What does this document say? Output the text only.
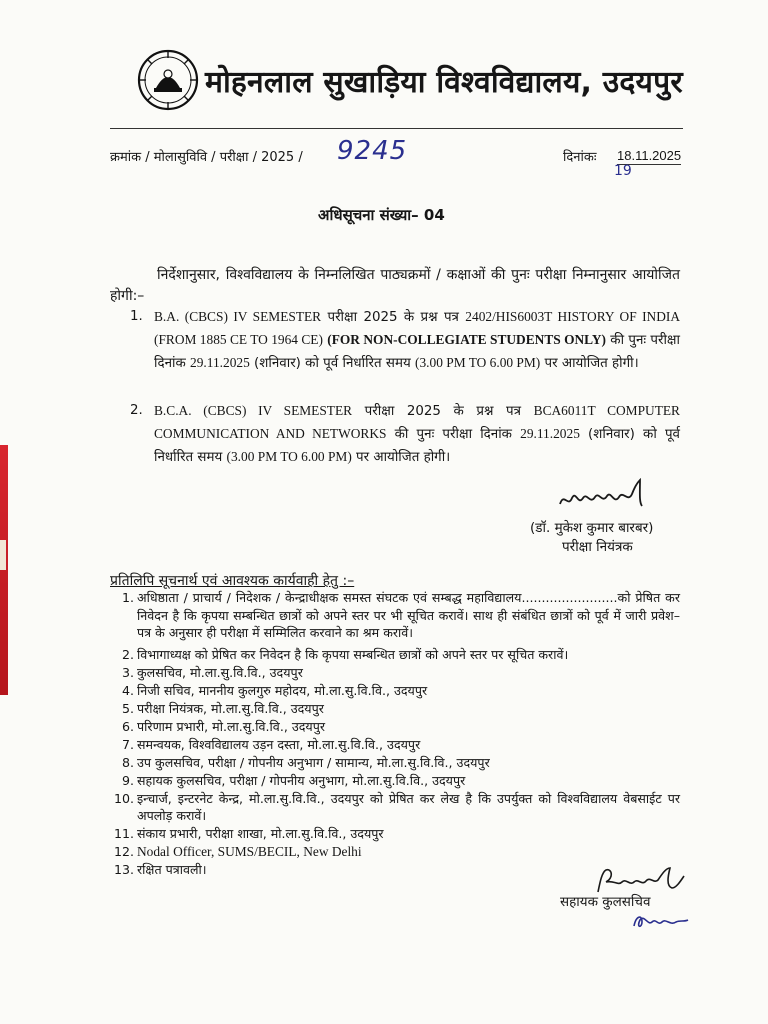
मोहनलाल सुखाड़िया विश्वविद्यालय, उदयपुर
क्रमांक / मोलासुविवि / परीक्षा / 2025 / 9245	दिनांकः 18.11.2025
19
अधिसूचना संख्या– 04
निर्देशानुसार, विश्वविद्यालय के निम्नलिखित पाठ्यक्रमों / कक्षाओं की पुनः परीक्षा निम्नानुसार आयोजित होगी:–
1. B.A. (CBCS) IV SEMESTER परीक्षा 2025 के प्रश्न पत्र 2402/HIS6003T HISTORY OF INDIA (FROM 1885 CE TO 1964 CE) (FOR NON-COLLEGIATE STUDENTS ONLY) की पुनः परीक्षा दिनांक 29.11.2025 (शनिवार) को पूर्व निर्धारित समय (3.00 PM TO 6.00 PM) पर आयोजित होगी।
2. B.C.A. (CBCS) IV SEMESTER परीक्षा 2025 के प्रश्न पत्र BCA6011T COMPUTER COMMUNICATION AND NETWORKS की पुनः परीक्षा दिनांक 29.11.2025 (शनिवार) को पूर्व निर्धारित समय (3.00 PM TO 6.00 PM) पर आयोजित होगी।
(डॉ. मुकेश कुमार बारबर)
परीक्षा नियंत्रक
प्रतिलिपि सूचनार्थ एवं आवश्यक कार्यवाही हेतु :–
1. अधिष्ठाता / प्राचार्य / निदेशक / केन्द्राधीक्षक समस्त संघटक एवं सम्बद्ध महाविद्यालय........................को प्रेषित कर निवेदन है कि कृपया सम्बन्धित छात्रों को अपने स्तर पर भी सूचित करावें। साथ ही संबंधित छात्रों को पूर्व में जारी प्रवेश–पत्र के अनुसार ही परीक्षा में सम्मिलित करवाने का श्रम करावें।
2. विभागाध्यक्ष को प्रेषित कर निवेदन है कि कृपया सम्बन्धित छात्रों को अपने स्तर पर सूचित करावें।
3. कुलसचिव, मो.ला.सु.वि.वि., उदयपुर
4. निजी सचिव, माननीय कुलगुरु महोदय, मो.ला.सु.वि.वि., उदयपुर
5. परीक्षा नियंत्रक, मो.ला.सु.वि.वि., उदयपुर
6. परिणाम प्रभारी, मो.ला.सु.वि.वि., उदयपुर
7. समन्वयक, विश्वविद्यालय उड़न दस्ता, मो.ला.सु.वि.वि., उदयपुर
8. उप कुलसचिव, परीक्षा / गोपनीय अनुभाग / सामान्य, मो.ला.सु.वि.वि., उदयपुर
9. सहायक कुलसचिव, परीक्षा / गोपनीय अनुभाग, मो.ला.सु.वि.वि., उदयपुर
10. इन्चार्ज, इन्टरनेट केन्द्र, मो.ला.सु.वि.वि., उदयपुर को प्रेषित कर लेख है कि उपर्युक्त को विश्वविद्यालय वेबसाईट पर अपलोड़ करावें।
11. संकाय प्रभारी, परीक्षा शाखा, मो.ला.सु.वि.वि., उदयपुर
12. Nodal Officer, SUMS/BECIL, New Delhi
13. रक्षित पत्रावली।
सहायक कुलसचिव
